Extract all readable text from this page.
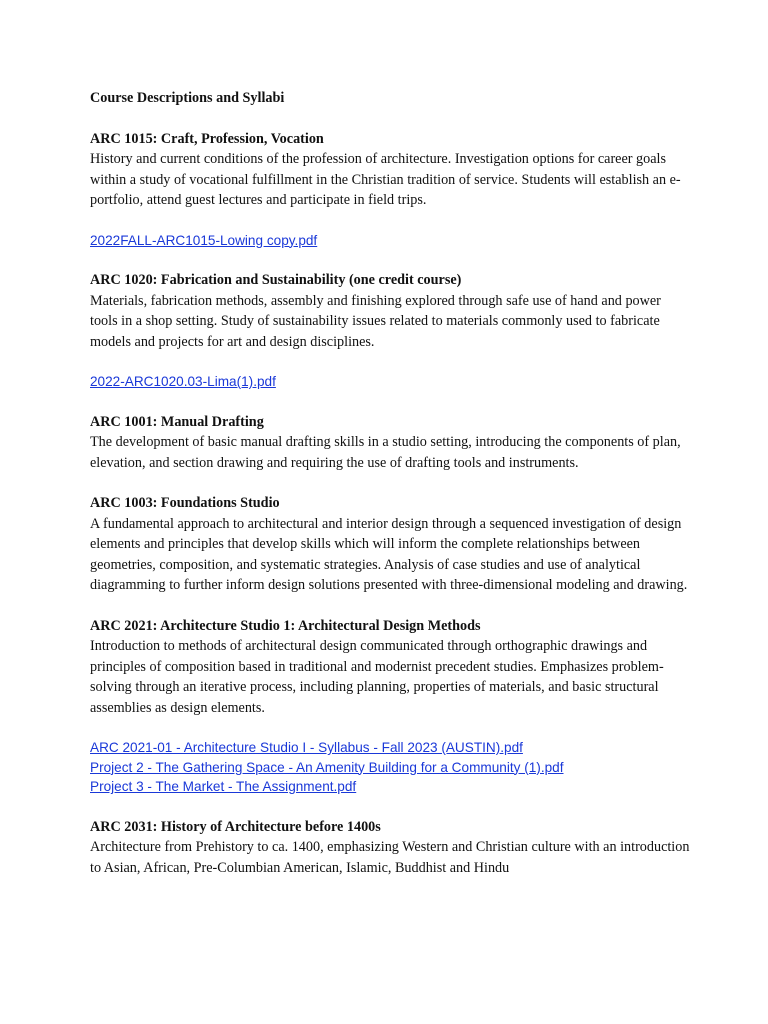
Course Descriptions and Syllabi

ARC 1015: Craft, Profession, Vocation

History and current conditions of the profession of architecture. Investigation options for career goals within a study of vocational fulfillment in the Christian tradition of service. Students will establish an e-portfolio, attend guest lectures and participate in field trips.

2022FALL-ARC1015-Lowing copy.pdf

ARC 1020: Fabrication and Sustainability (one credit course)

Materials, fabrication methods, assembly and finishing explored through safe use of hand and power tools in a shop setting. Study of sustainability issues related to materials commonly used to fabricate models and projects for art and design disciplines.

2022-ARC1020.03-Lima(1).pdf

ARC 1001: Manual Drafting

The development of basic manual drafting skills in a studio setting, introducing the components of plan, elevation, and section drawing and requiring the use of drafting tools and instruments.

ARC 1003: Foundations Studio

A fundamental approach to architectural and interior design through a sequenced investigation of design elements and principles that develop skills which will inform the complete relationships between geometries, composition, and systematic strategies. Analysis of case studies and use of analytical diagramming to further inform design solutions presented with three-dimensional modeling and drawing.

ARC 2021: Architecture Studio 1: Architectural Design Methods

Introduction to methods of architectural design communicated through orthographic drawings and principles of composition based in traditional and modernist precedent studies. Emphasizes problem-solving through an iterative process, including planning, properties of materials, and basic structural assemblies as design elements.

ARC 2021-01 - Architecture Studio I - Syllabus - Fall 2023 (AUSTIN).pdf
Project 2 - The Gathering Space - An Amenity Building for a Community (1).pdf
Project 3 - The Market - The Assignment.pdf

ARC 2031: History of Architecture before 1400s

Architecture from Prehistory to ca. 1400, emphasizing Western and Christian culture with an introduction to Asian, African, Pre-Columbian American, Islamic, Buddhist and Hindu
